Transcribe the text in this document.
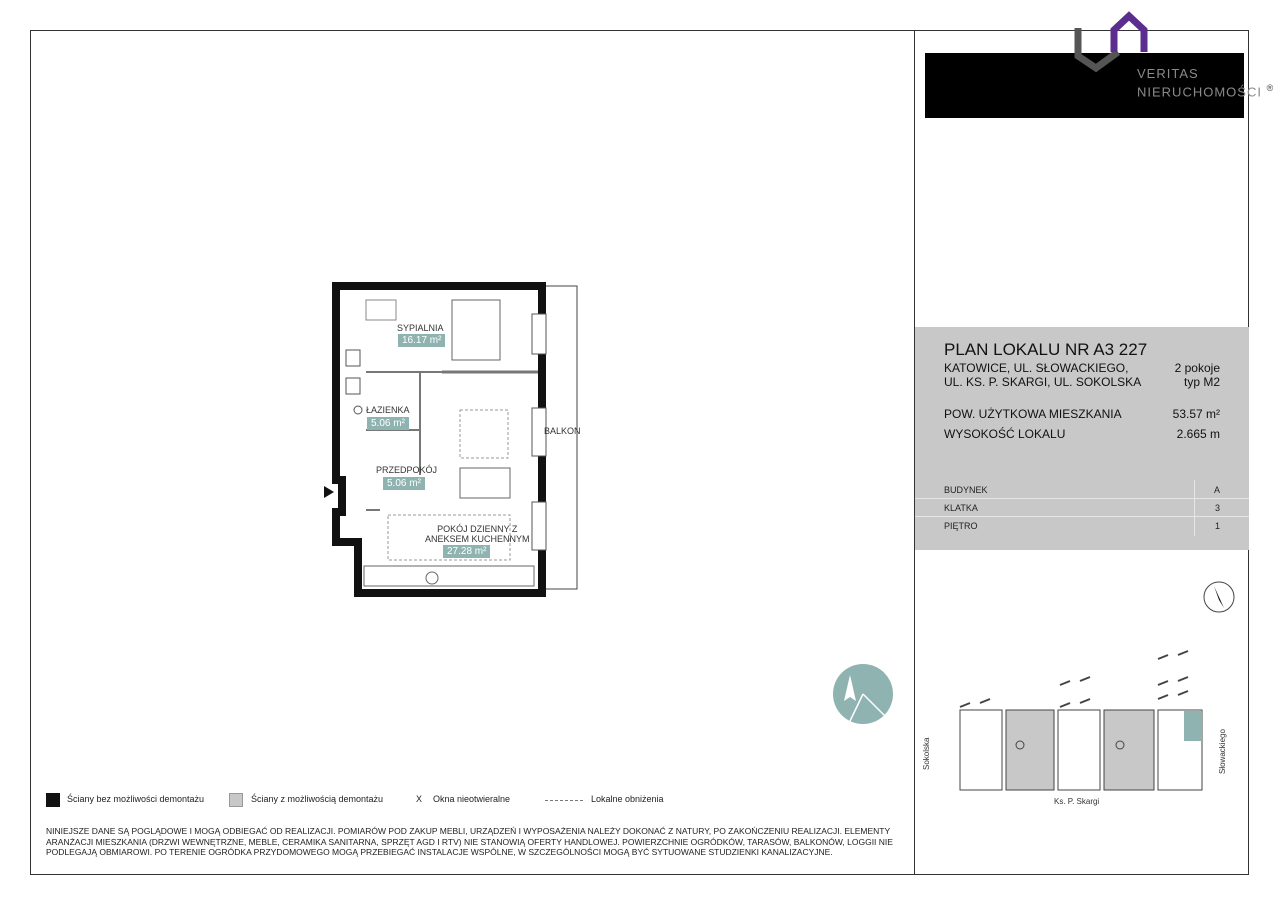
VERITAS
NIERUCHOMOŚCI ®
PLAN LOKALU NR A3 227
KATOWICE, UL. SŁOWACKIEGO,
UL. KS. P. SKARGI, UL. SOKOLSKA
2 pokoje
typ M2
POW. UŻYTKOWA MIESZKANIA	53.57 m²
WYSOKOŚĆ LOKALU	2.665 m
BUDYNEK	A
KLATKA	3
PIĘTRO	1
SYPIALNIA
16.17 m²
ŁAZIENKA
5.06 m²
PRZEDPOKÓJ
5.06 m²
POKÓJ DZIENNY Z
ANEKSEM KUCHENNYM
27.28 m²
BALKON
Sokolska	Słowackiego
Ks. P. Skargi
Ściany bez możliwości demontażu	Ściany z możliwością demontażu	X Okna nieotwieralne	Lokalne obniżenia
NINIEJSZE DANE SĄ POGLĄDOWE I MOGĄ ODBIEGAĆ OD REALIZACJI. POMIARÓW POD ZAKUP MEBLI, URZĄDZEŃ I WYPOSAŻENIA NALEŻY DOKONAĆ Z NATURY, PO ZAKOŃCZENIU REALIZACJI. ELEMENTY ARANŻACJI MIESZKANIA (DRZWI WEWNĘTRZNE, MEBLE, CERAMIKA SANITARNA, SPRZĘT AGD I RTV) NIE STANOWIĄ OFERTY HANDLOWEJ. POWIERZCHNIE OGRÓDKÓW, TARASÓW, BALKONÓW, LOGGII NIE PODLEGAJĄ OBMIAROWI. PO TERENIE OGRÓDKA PRZYDOMOWEGO MOGĄ PRZEBIEGAĆ INSTALACJE WSPÓLNE, W SZCZEGÓLNOŚCI MOGĄ BYĆ SYTUOWANE STUDZIENKI KANALIZACYJNE.
